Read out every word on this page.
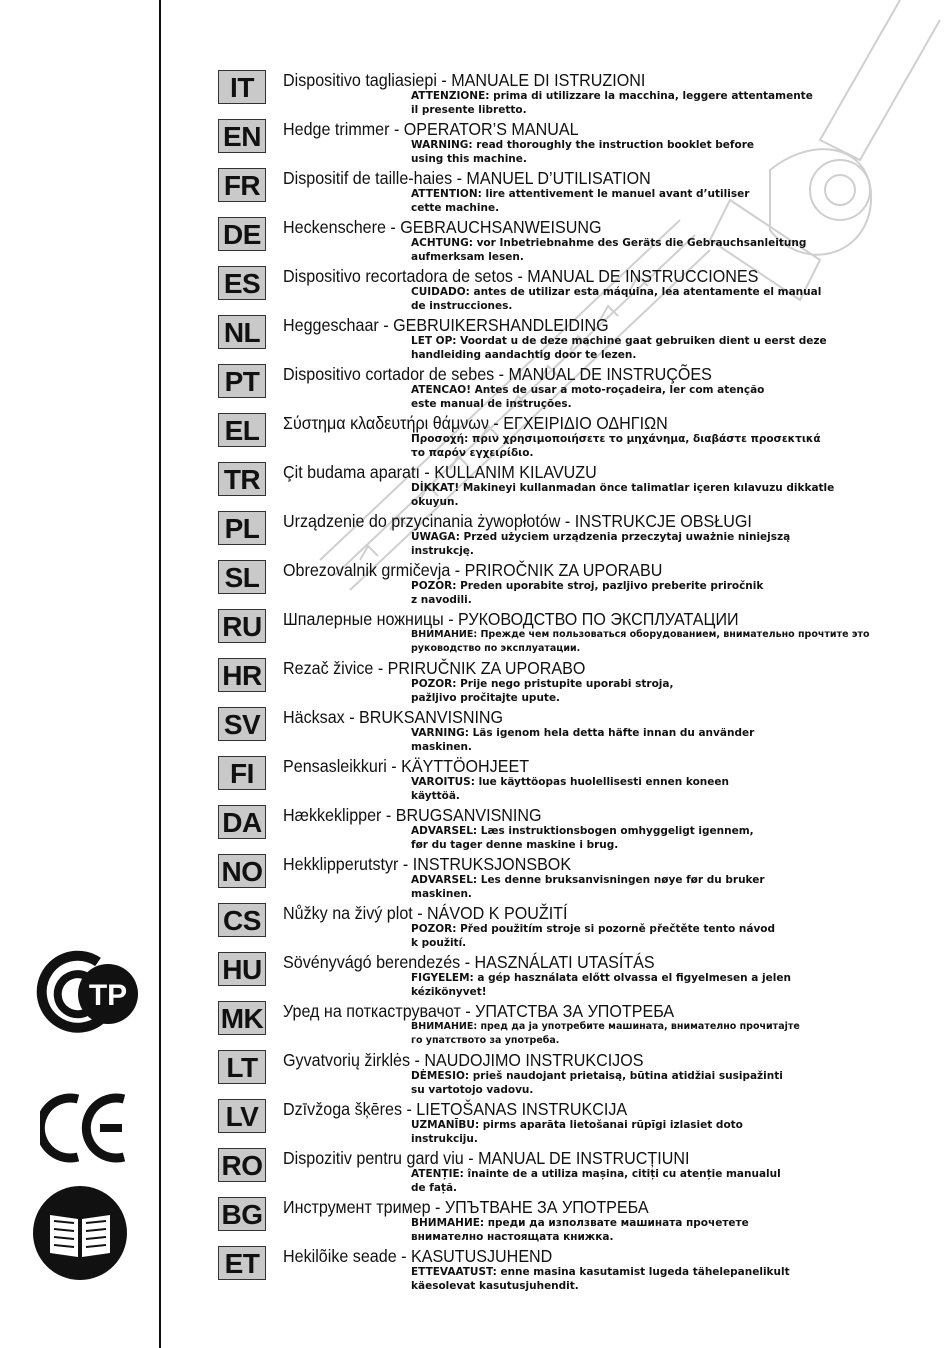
IT	Dispositivo tagliasiepi - MANUALE DI ISTRUZIONI
ATTENZIONE: prima di utilizzare la macchina, leggere attentamente
il presente libretto.
EN Hedge trimmer - OPERATOR’S MANUAL
WARNING: read thoroughly the instruction booklet before
using this machine.
FR	Dispositif de taille-haies - MANUEL D’UTILISATION
ATTENTION: lire attentivement le manuel avant d’utiliser
cette machine.
DE Heckenschere - GEBRAUCHSANWEISUNG
ACHTUNG: vor Inbetriebnahme des Geräts die Gebrauchsanleitung
aufmerksam lesen.
ES	Dispositivo recortadora de setos - MANUAL DE INSTRUCCIONES
CUIDADO: antes de utilizar esta máquina, lea atentamente el manual
de instrucciones.
NL	Heggeschaar - GEBRUIKERSHANDLEIDING
LET OP: Voordat u de deze machine gaat gebruiken dient u eerst deze
handleiding aandachtig door te lezen.
PT	Dispositivo cortador de sebes - MANUAL DE INSTRUÇÕES
ATENCAO! Antes de usar a moto-roçadeira, ler com atenção
este manual de instruções.
EL	Σύστημα κλαδευτήρι θάμνων - ΕΓΧΕΙΡΙΔΙΟ ΟΔΗΓΙΩΝ
Προσοχή: πριν χρησιμοποιήσετε το μηχάνημα, διαβάστε προσεκτικά
το παρόν εγχειρίδιο.
TR	Çit budama aparatı - KULLANIM KILAVUZU
DİKKAT! Makineyi kullanmadan önce talimatlar içeren kılavuzu dikkatle
okuyun.
PL	Urządzenie do przycinania żywopłotów - INSTRUKCJE OBSŁUGI
UWAGA: Przed użyciem urządzenia przeczytaj uważnie niniejszą
instrukcję.
SL	Obrezovalnik grmičevja - PRIROČNIK ZA UPORABU
POZOR: Preden uporabite stroj, pazljivo preberite priročnik
z navodili.
RU Шпалерные ножницы - РУКОВОДСТВО ПО ЭКСПЛУАТАЦИИ
ВНИМАНИЕ: Прежде чем пользоваться оборудованием, внимательно прочтите это
руководство по эксплуатации.
HR Rezač živice - PRIRUČNIK ZA UPORABO
POZOR: Prije nego pristupite uporabi stroja,
pažljivo pročitajte upute.
SV	Häcksax - BRUKSANVISNING
VARNING: Läs igenom hela detta häfte innan du använder
maskinen.
FI	Pensasleikkuri - KÄYTTÖOHJEET
VAROITUS: lue käyttöopas huolellisesti ennen koneen
käyttöä.
DA Hækkeklipper - BRUGSANVISNING
ADVARSEL: Læs instruktionsbogen omhyggeligt igennem,
før du tager denne maskine i brug.
NO Hekklipperutstyr - INSTRUKSJONSBOK
ADVARSEL: Les denne bruksanvisningen nøye før du bruker
maskinen.
CS Nůžky na živý plot - NÁVOD K POUŽITÍ
POZOR: Před použitím stroje si pozorně přečtěte tento návod
k použití.
HU Sövényvágó berendezés - HASZNÁLATI UTASÍTÁS
FIGYELEM: a gép használata előtt olvassa el figyelmesen a jelen
kézikönyvet!
MK Уред на поткаструвачот - УПАТСТВА ЗА УПОТРЕБА
ВНИМАНИЕ: пред да ја употребите машината, внимателно прочитајте
го упатството за употреба.
LT	Gyvatvorių žirklės - NAUDOJIMO INSTRUKCIJOS
DĖMESIO: prieš naudojant prietaisą, būtina atidžiai susipažinti
su vartotojo vadovu.
LV	Dzīvžoga šķēres - LIETOŠANAS INSTRUKCIJA
UZMANĪBU: pirms aparāta lietošanai rūpīgi izlasiet doto
instrukciju.
RO Dispozitiv pentru gard viu - MANUAL DE INSTRUCȚIUNI
ATENȚIE: înainte de a utiliza mașina, citiți cu atenție manualul
de față.
BG Инструмент тример - УПЪТВАНЕ ЗА УПОТРЕБА
ВНИМАНИЕ: преди да използвате машината прочетете
внимателно настоящата книжка.
ET	Hekilõike seade - KASUTUSJUHEND
ETTEVAATUST: enne masina kasutamist lugeda tähelepanelikult
käesolevat kasutusjuhendit.
ТР
